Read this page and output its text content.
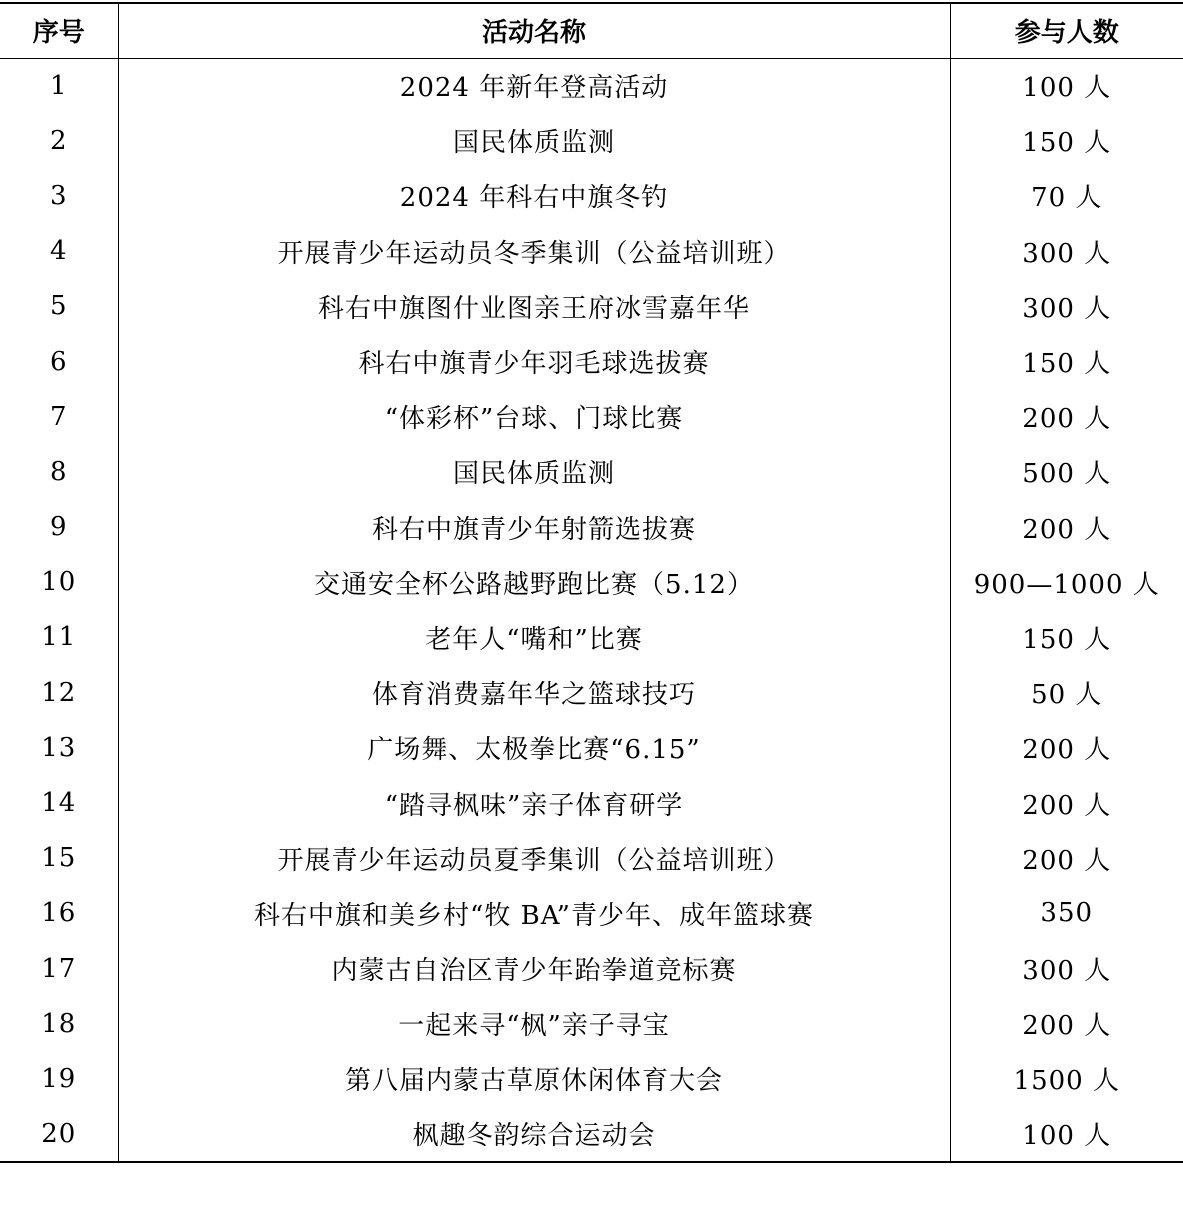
序号	活动名称	参与人数
1	2024 年新年登高活动	100 人
2	国民体质监测	150 人
3	2024 年科右中旗冬钓	70 人
4	开展青少年运动员冬季集训（公益培训班）	300 人
5	科右中旗图什业图亲王府冰雪嘉年华	300 人
6	科右中旗青少年羽毛球选拔赛	150 人
7	“体彩杯”台球、门球比赛	200 人
8	国民体质监测	500 人
9	科右中旗青少年射箭选拔赛	200 人
10	交通安全杯公路越野跑比赛（5.12）	900—1000 人
11	老年人“嘴和”比赛	150 人
12	体育消费嘉年华之篮球技巧	50 人
13	广场舞、太极拳比赛“6.15”	200 人
14	“踏寻枫味”亲子体育研学	200 人
15	开展青少年运动员夏季集训（公益培训班）	200 人
16	科右中旗和美乡村“牧 BA”青少年、成年篮球赛	350
17	内蒙古自治区青少年跆拳道竞标赛	300 人
18	一起来寻“枫”亲子寻宝	200 人
19	第八届内蒙古草原休闲体育大会	1500 人
20	枫趣冬韵综合运动会	100 人
